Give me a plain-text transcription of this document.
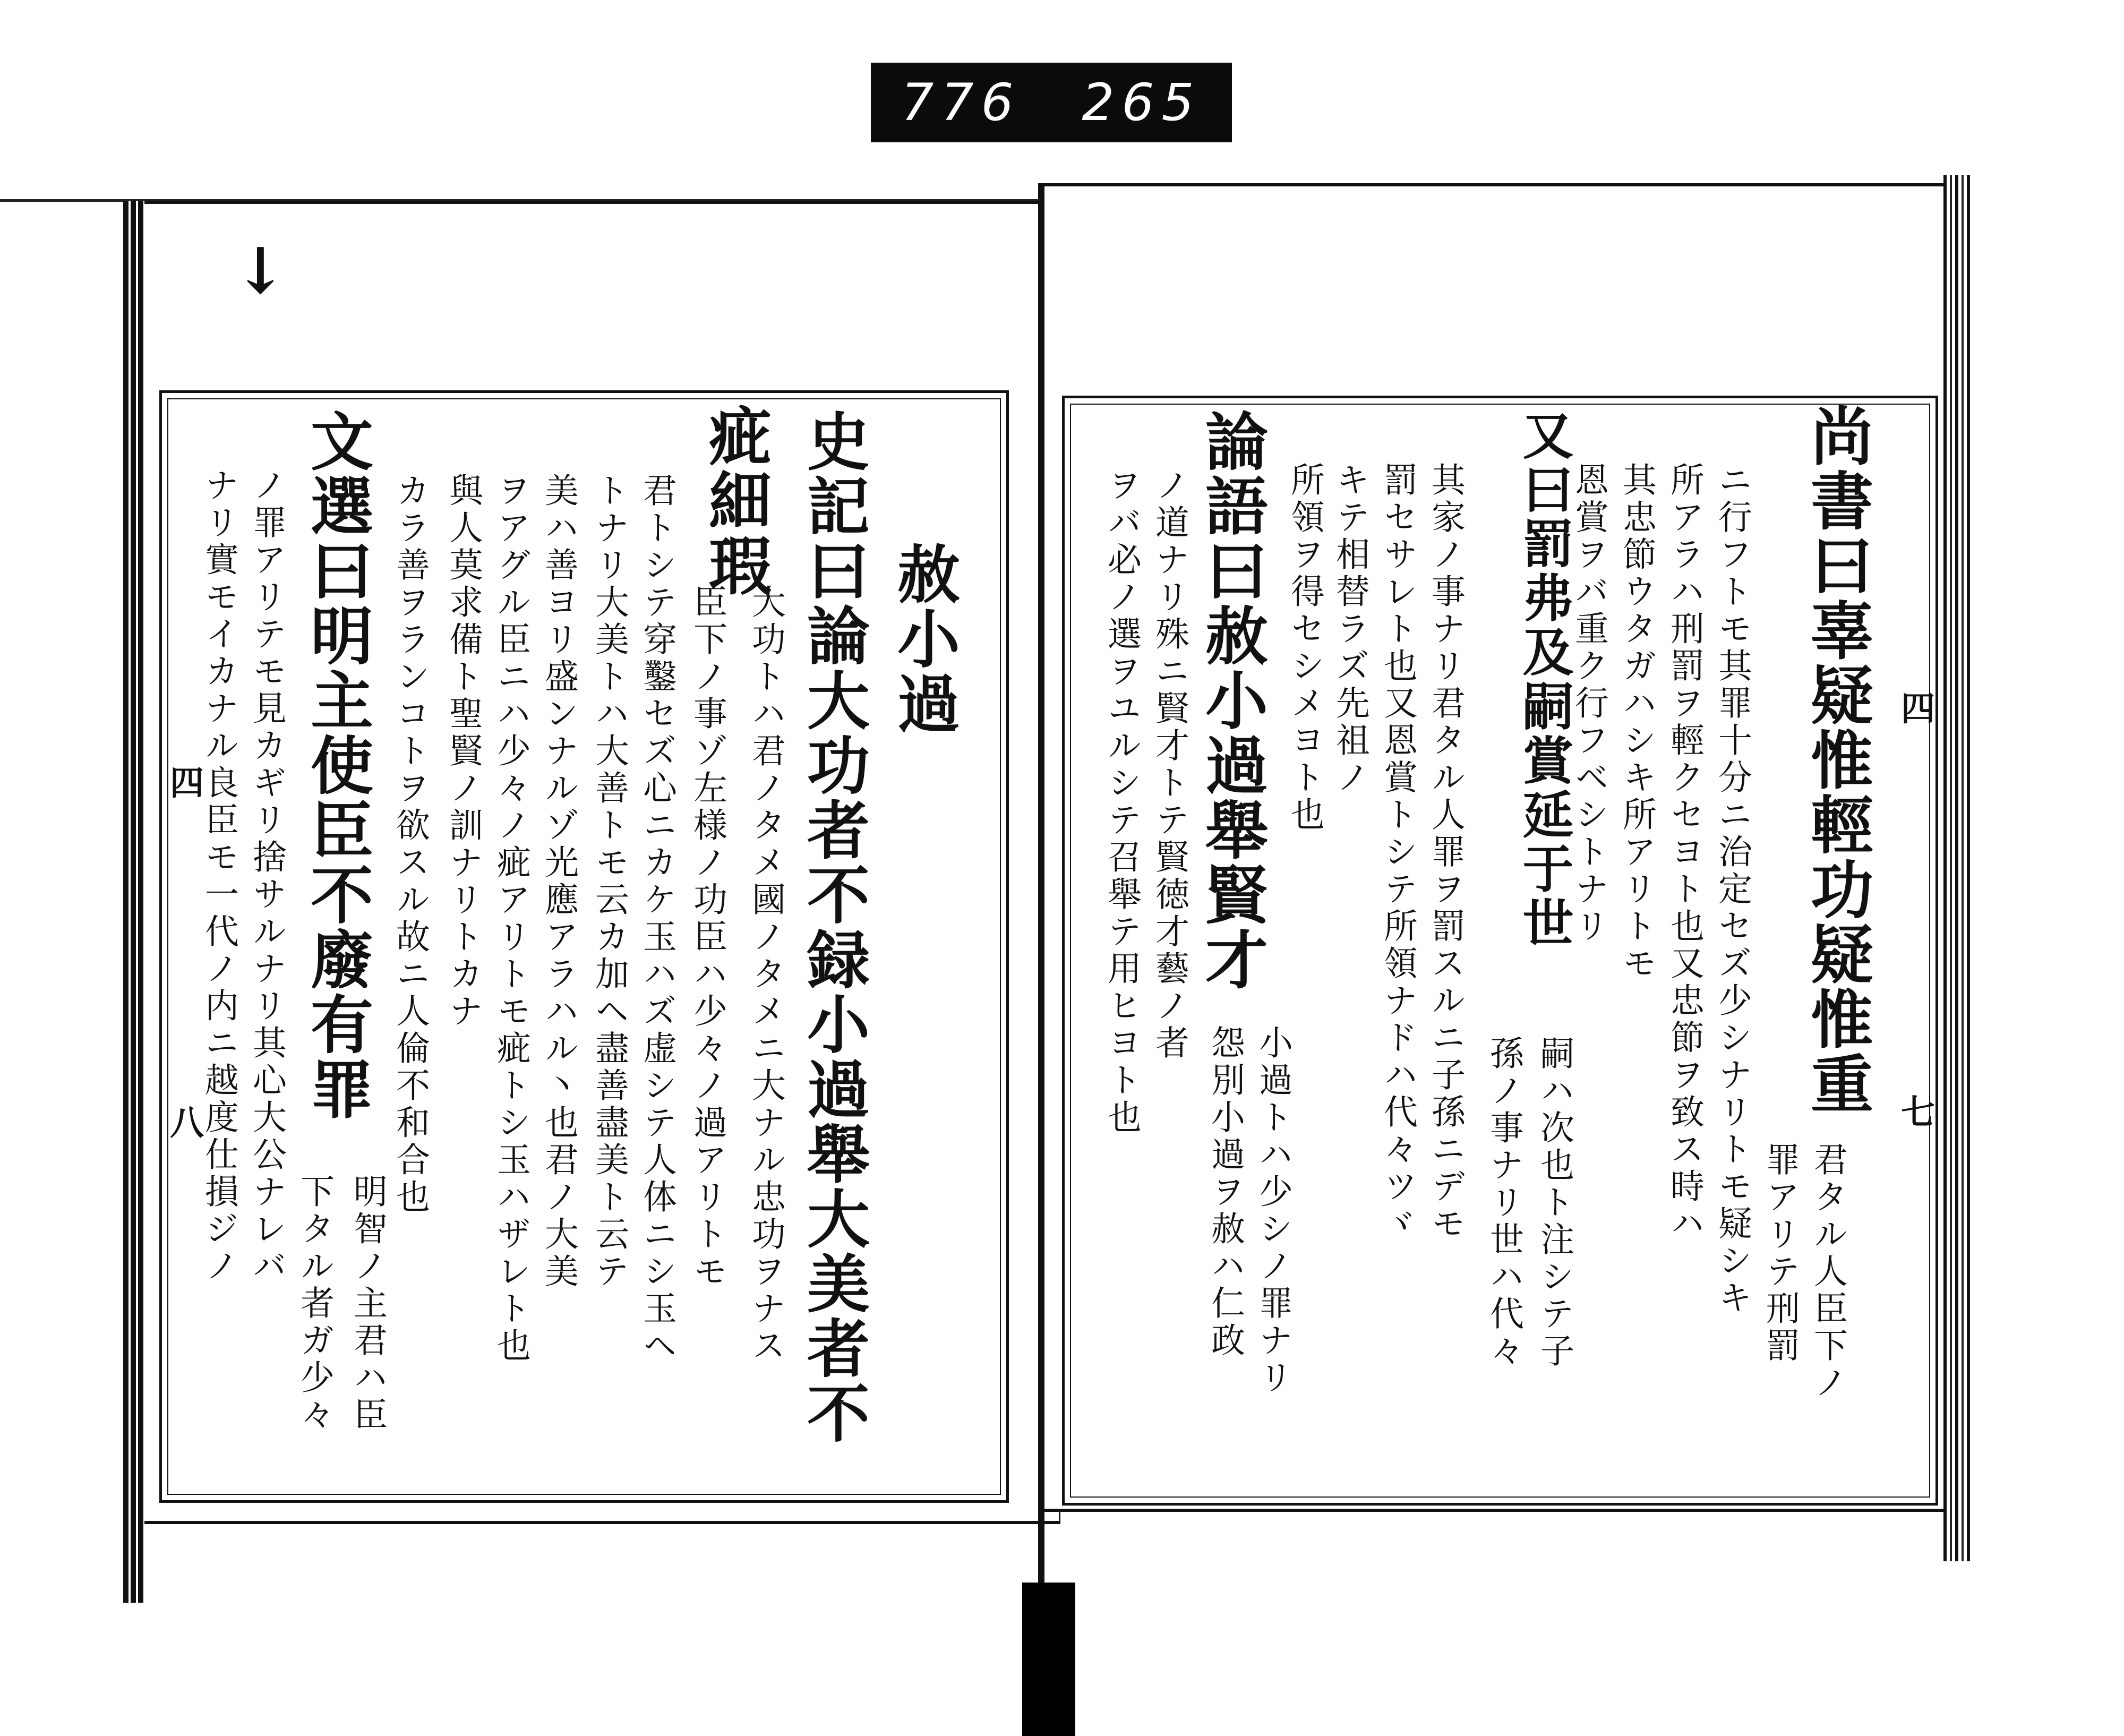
776 265
↓
四
八
赦小過
史記曰論大功者不録小過舉大美者不
疵細瑕
大功トハ君ノタメ國ノタメニ大ナル忠功ヲナス
臣下ノ事ゾ左様ノ功臣ハ少々ノ過アリトモ
君トシテ穿鑿セズ心ニカケ玉ハズ虚シテ人体ニシ玉ヘ
トナリ大美トハ大善トモ云カ加ヘ盡善盡美ト云テ
美ハ善ヨリ盛ンナルゾ光應アラハル丶也君ノ大美
ヲアグル臣ニハ少々ノ疵アリトモ疵トシ玉ハザレト也
與人莫求備ト聖賢ノ訓ナリトカナ
カラ善ヲランコトヲ欲スル故ニ人倫不和合也
文選曰明主使臣不廢有罪
明智ノ主君ハ臣
下タル者ガ少々
ノ罪アリテモ見カギリ捨サルナリ其心大公ナレバ
ナリ實モイカナル良臣モ一代ノ内ニ越度仕損ジノ	四
七
尚書曰辜疑惟輕功疑惟重
君タル人臣下ノ
罪アリテ刑罰
ニ行フトモ其罪十分ニ治定セズ少シナリトモ疑シキ
所アラハ刑罰ヲ輕クセヨト也又忠節ヲ致ス時ハ
其忠節ウタガハシキ所アリトモ
恩賞ヲバ重ク行フベシトナリ
又曰罰弗及嗣賞延于世
嗣ハ次也ト注シテ子
孫ノ事ナリ世ハ代々
其家ノ事ナリ君タル人罪ヲ罰スルニ子孫ニデモ
罰セサレト也又恩賞トシテ所領ナドハ代々ツヾ
キテ相替ラズ先祖ノ
所領ヲ得セシメヨト也
論語曰赦小過舉賢才
小過トハ少シノ罪ナリ
怨別小過ヲ赦ハ仁政
ノ道ナリ殊ニ賢才トテ賢徳才藝ノ者
ヲバ必ノ選ヲユルシテ召舉テ用ヒヨト也
